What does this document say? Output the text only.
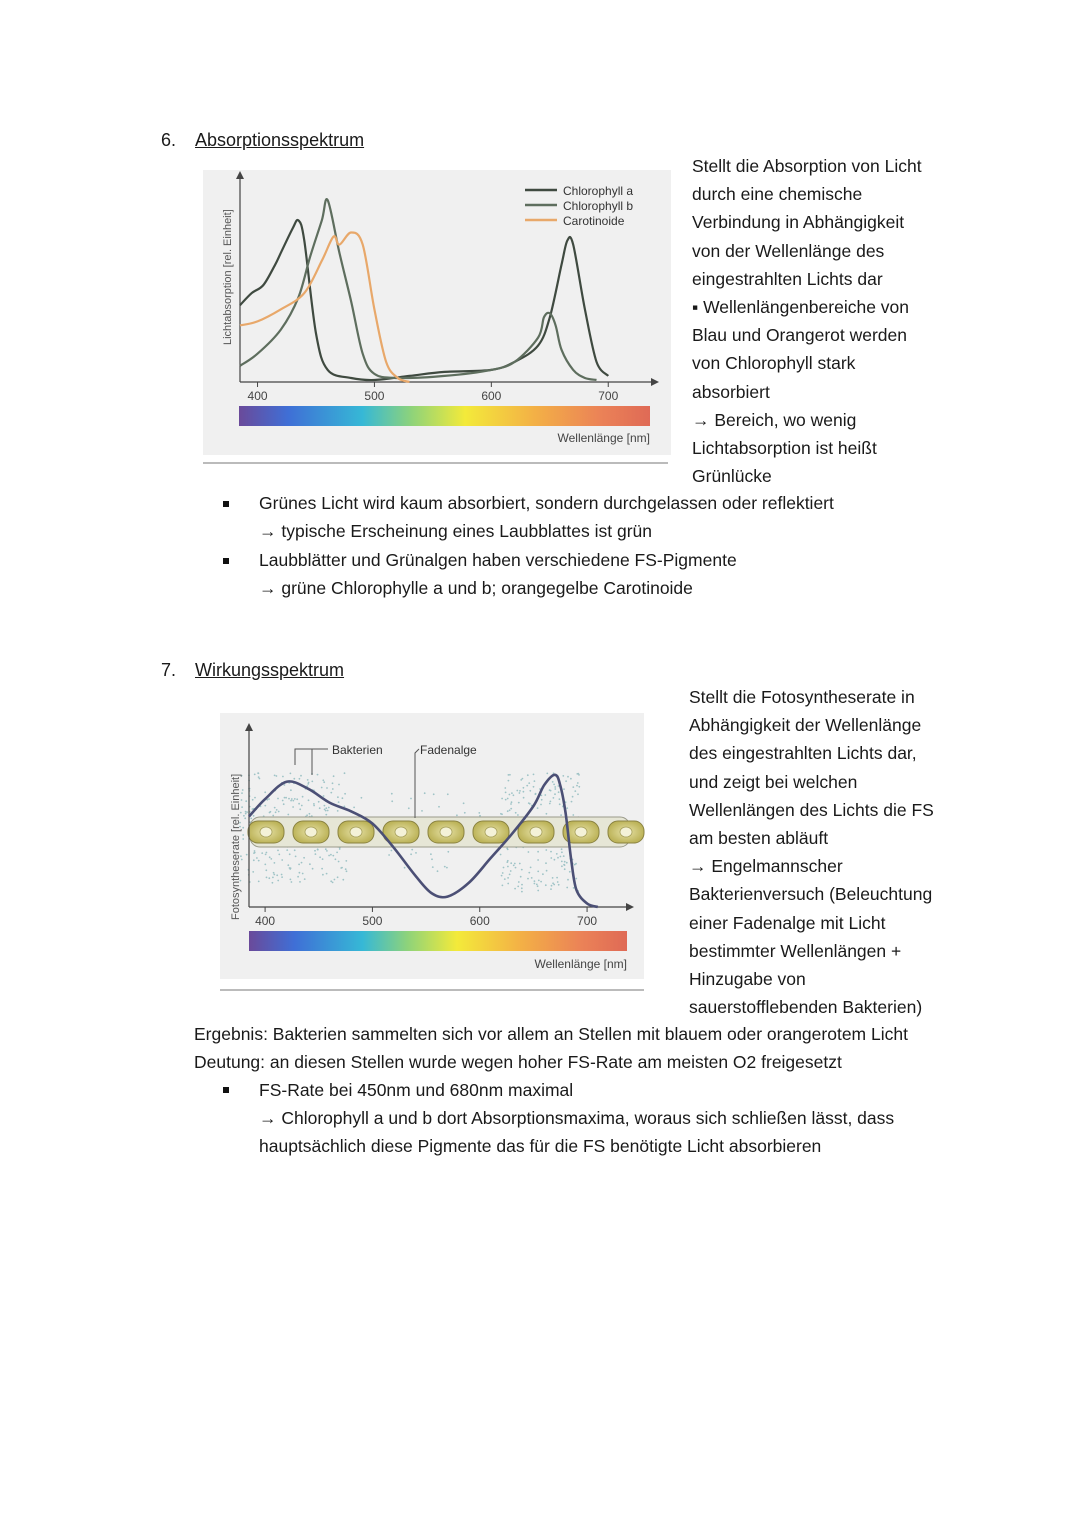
6. Absorptionsspektrum
Lichtabsorption [rel. Einheit]
400	500	600	700
Wellenlänge [nm]
Chlorophyll a
Chlorophyll b
Carotinoide

Stellt die Absorption von Licht

durch eine chemische

Verbindung in Abhängigkeit

von der Wellenlänge des

eingestrahlten Lichts dar

▪ Wellenlängenbereiche von

Blau und Orangerot werden

von Chlorophyll stark

absorbiert

→ Bereich, wo wenig

Lichtabsorption ist heißt

Grünlücke

Grünes Licht wird kaum absorbiert, sondern durchgelassen oder reflektiert
→ typische Erscheinung eines Laubblattes ist grün
Laubblätter und Grünalgen haben verschiedene FS-Pigmente
→ grüne Chlorophylle a und b; orangegelbe Carotinoide
7. Wirkungsspektrum
Fotosyntheserate [rel. Einheit]
400	500	600	700
Wellenlänge [nm]
Bakterien	Fadenalge

Stellt die Fotosyntheserate in

Abhängigkeit der Wellenlänge

des eingestrahlten Lichts dar,

und zeigt bei welchen

Wellenlängen des Lichts die FS

am besten abläuft

→ Engelmannscher

Bakterienversuch (Beleuchtung

einer Fadenalge mit Licht

bestimmter Wellenlängen +

Hinzugabe von

sauerstofflebenden Bakterien)

Ergebnis: Bakterien sammelten sich vor allem an Stellen mit blauem oder orangerotem Licht

Deutung: an diesen Stellen wurde wegen hoher FS-Rate am meisten O2 freigesetzt

FS-Rate bei 450nm und 680nm maximal
→ Chlorophyll a und b dort Absorptionsmaxima, woraus sich schließen lässt, dass
hauptsächlich diese Pigmente das für die FS benötigte Licht absorbieren
